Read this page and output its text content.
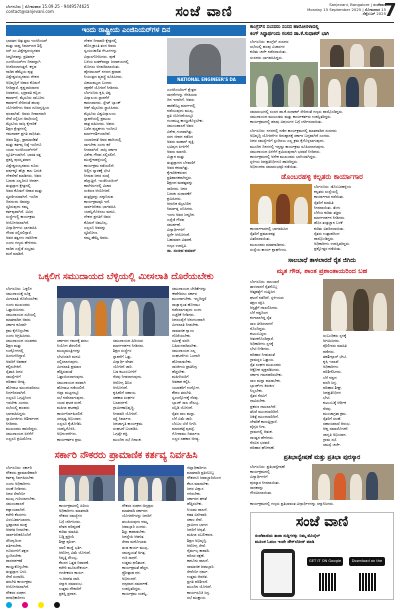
ಬೆಂಗಳೂರು | ಸೋಮವಾರ 15.09.25 - 9449574625
contact@sanjevani.com	ಸಂಜೆ ವಾಣಿ	Sanjevani, Bangalore | ಸಂಜೆವಾಣಿ
Monday 15 September 2025 | ಸೋಮವಾರ 15 ಸೆಪ್ಟೆಂಬರ್ 2025
7
ಇಂದು ರಾಷ್ಟ್ರೀಯ ಎಂಜಿನಿಯರ್‌ಗಳ ದಿನ

ಭಾರತದ ಅತ್ಯುತ್ತಮ ಇಂಜಿನಿಯರ್

ಮತ್ತು ರಾಷ್ಟ್ರ ನಿರ್ಮಾಣದ ಶಿಲ್ಪಿ

ಸರ್ ಎಂ.ವಿಶ್ವೇಶ್ವರಯ್ಯನವರ

ಜನ್ಮದಿನವನ್ನು ಪ್ರತಿವರ್ಷ

ಎಂಜಿನಿಯರ್‌ಗಳ ದಿನವನ್ನಾಗಿ

ಆಚರಿಸಲಾಗುತ್ತದೆ. ಕನ್ನಡ

ನಾಡಿನ ಹೆಮ್ಮೆಯ ಪುತ್ರ

ವಿಶ್ವೇಶ್ವರಯ್ಯನವರು ದೇಶದ

ಅಭಿವೃದ್ಧಿಗೆ ಅಪಾರ ಕೊಡುಗೆ

ನೀಡಿದ್ದಾರೆ. ಕೃಷ್ಣರಾಜಸಾಗರ

ಜಲಾಶಯ, ಭದ್ರಾವತಿ ಕಬ್ಬಿಣ

ಕಾರ್ಖಾನೆ, ಮೈಸೂರು ಸಾಬೂನು

ಕಾರ್ಖಾನೆ ಸೇರಿದಂತೆ ಹಲವು

ಯೋಜನೆಗಳು ಅವರ ದೂರದೃಷ್ಟಿಯ

ಫಲವಾಗಿವೆ. ಅವರು ದೀವಾನರಾಗಿ

ಸೇವೆ ಸಲ್ಲಿಸಿದ ಅವಧಿಯಲ್ಲಿ

ಮೈಸೂರು ರಾಜ್ಯ ಕೈಗಾರಿಕೆ

ಶಿಕ್ಷಣ ಕ್ಷೇತ್ರಗಳಲ್ಲಿ

ಗಮನಾರ್ಹ ಪ್ರಗತಿ ಸಾಧಿಸಿತು.

ಅವರ ಶಿಸ್ತು, ಪ್ರಾಮಾಣಿಕತೆ

ಮತ್ತು ಕರ್ತವ್ಯ ನಿಷ್ಠೆ ಇಂದಿಗೂ

ಯುವ ಇಂಜಿನಿಯರ್‌ಗಳಿಗೆ

ಸ್ಫೂರ್ತಿಯಾಗಿದೆ. ಭಾರತ ರತ್ನ

ಪ್ರಶಸ್ತಿ ಪುರಸ್ಕೃತರಾದ

ವಿಶ್ವೇಶ್ವರಯ್ಯನವರು ನೂರು

ವರ್ಷಕ್ಕೂ ಹೆಚ್ಚು ಕಾಲ ಬದುಕಿ

ದೇಶಸೇವೆ ಮಾಡಿದರು. ಅವರ

ಬದುಕು ಎಲ್ಲರಿಗೂ ಆದರ್ಶ.

ತಂತ್ರಜ್ಞಾನ ಕ್ಷೇತ್ರದಲ್ಲಿ

ಅವರ ಕೊಡುಗೆ ಅಪಾರ ಮತ್ತು

ಸ್ಮರಣೀಯವಾಗಿದೆ. ಇಂದಿನ

ದಿನದಂದು ಅವರನ್ನು

ಸ್ಮರಿಸುವುದು ನಮ್ಮ

ಕರ್ತವ್ಯವಾಗಿದೆ. ವಿವಿಧ

ಸಂಸ್ಥೆಗಳಲ್ಲಿ ಕಾರ್ಯಕ್ರಮ

ಆಯೋಜಿಸಲಾಗಿದೆ.

ವಿದ್ಯಾರ್ಥಿಗಳು ಭಾಗವಹಿಸಿ

ಗೌರವ ಸಲ್ಲಿಸಲಿದ್ದಾರೆ.

ಅವರ ತತ್ವಗಳು ದಾರಿದೀಪ

ಎಂದು ಗಣ್ಯರು ಹೇಳಿದರು.

ನಾಡಿನ ಎಲ್ಲೆಡೆ ಸಂಭ್ರಮ

ಮನೆ ಮಾಡಿದೆ.

ದೇಶದ ನೀರಾವರಿ ಕ್ಷೇತ್ರದಲ್ಲಿ

ಹೊಸ ಕ್ರಾಂತಿ ತಂದ ಅವರು

ಸ್ವಯಂಚಾಲಿತ ಗೇಟುಗಳನ್ನು

ವಿನ್ಯಾಸಗೊಳಿಸಿದರು. ಪುಣೆ

ಬಳಿಯ ಖಡಕ್‌ವಾಸ್ಲಾ ಜಲಾಶಯದಲ್ಲಿ

ಮೊದಲು ಅಳವಡಿಸಲಾಯಿತು.

ಹೈದರಾಬಾದ್ ನಗರದ ಪ್ರವಾಹ

ನಿಯಂತ್ರಣ ವ್ಯವಸ್ಥೆ ರೂಪಿಸಿದರು.

ವಿಶಾಖಪಟ್ಟಣ ಬಂದರು

ರಕ್ಷಣೆಗೆ ಯೋಜನೆ ನೀಡಿದರು.

ಬೆಂಗಳೂರು ಕೃಷಿ ವಿಶ್ವ

ವಿದ್ಯಾಲಯ ಸ್ಥಾಪನೆಗೆ

ಕಾರಣರಾದರು. ಸ್ಟೇಟ್ ಬ್ಯಾಂಕ್

ಆಫ್ ಮೈಸೂರು ಸ್ಥಾಪಿಸಿದರು.

ಮೈಸೂರು ವಿಶ್ವವಿದ್ಯಾಲಯ

ಸ್ಥಾಪನೆಯಲ್ಲಿ ಪ್ರಮುಖ

ಪಾತ್ರ ವಹಿಸಿದರು. ಅವರು

ಬರೆದ ಪುಸ್ತಕಗಳು ಇಂದಿಗೂ

ಮಾರ್ಗದರ್ಶಿಯಾಗಿವೆ.

ಯುವಜನತೆ ಅವರ ಹಾದಿಯಲ್ಲಿ

ಸಾಗಬೇಕು ಎಂದು ಕರೆ

ನೀಡಲಾಗಿದೆ. ರಾಜ್ಯ ಸರ್ಕಾರ

ವಿಶೇಷ ಗೌರವ ಸಲ್ಲಿಸಲಿದೆ.

ಮುದ್ದೇನಹಳ್ಳಿಯಲ್ಲಿ

ಕಾರ್ಯಕ್ರಮ ನಡೆಯಲಿದೆ.

ಅಲ್ಲಿನ ಸ್ಮಾರಕಕ್ಕೆ ಭೇಟಿ

ನೀಡುವ ಜನರ ಸಂಖ್ಯೆ

ಹೆಚ್ಚುತ್ತಿದೆ. ಇಂಜಿನಿಯರಿಂಗ್

ಕಾಲೇಜುಗಳಲ್ಲಿ ವಿಚಾರ

ಸಂಕಿರಣ ಆಯೋಜನೆ.

ತಂತ್ರಜ್ಞರನ್ನು ಸನ್ಮಾನಿಸುವ

ಕಾರ್ಯಕ್ರಮವೂ ಇದೆ.

ಸಾರ್ವಜನಿಕರು ಭಾಗವಹಿಸಿ

ಯಶಸ್ವಿಗೊಳಿಸಲು ಮನವಿ.

ದೇಶದ ಪ್ರಗತಿಗೆ ಅವರ

ಕೊಡುಗೆ ಅಮೂಲ್ಯ.

ಎಲ್ಲರೂ ಅವರನ್ನು

ಸ್ಮರಿಸೋಣ.

ನಮ್ಮ ಹೆಮ್ಮೆ ಅವರು.

NATIONAL ENGINEER'S DA

ಎಂಜಿನಿಯರಿಂಗ್ ಕ್ಷೇತ್ರದ

ಸಾಧನೆಗಳನ್ನು ನೆನಪಿಸುವ

ದಿನ ಇದಾಗಿದೆ. ಅವರು

ಹಾಕಿಕೊಟ್ಟ ಮಾರ್ಗದಲ್ಲಿ

ನಡೆಯುವುದು ಮುಖ್ಯ.

ಪ್ರತಿ ಯೋಜನೆಯಲ್ಲೂ

ಗುಣಮಟ್ಟ ಕಾಯ್ದುಕೊಳ್ಳಬೇಕು.

ಸಮಯಪಾಲನೆ ಅವರ

ವಿಶೇಷ ಗುಣವಾಗಿತ್ತು.

ಸರಳ ಜೀವನ ನಡೆಸಿದ

ಅವರು ಮಹಾನ್ ವ್ಯಕ್ತಿ.

ಭವಿಷ್ಯದ ಪೀಳಿಗೆಗೆ

ಅವರು ಮಾದರಿ.

ವಿಜ್ಞಾನ ಮತ್ತು

ತಂತ್ರಜ್ಞಾನದ ಬೆಳವಣಿಗೆ

ಅವರ ಕನಸಾಗಿತ್ತು.

ಕೈಗಾರಿಕೀಕರಣದ

ಪ್ರತಿಪಾದಕರಾಗಿದ್ದರು.

ಶಿಕ್ಷಣದ ಮಹತ್ವವನ್ನು

ಸಾರಿದರು. ಜನರ

ಬದುಕು ಸುಧಾರಣೆಗೆ

ಶ್ರಮಿಸಿದರು.

ಆಧುನಿಕ ಮೈಸೂರಿನ

ನಿರ್ಮಾತೃ ಎನಿಸಿದರು.

ಇಂದು ಅವರ ಜನ್ಮದಿನ.

ಎಲ್ಲೆಡೆ ಗೌರವ

ಸಮರ್ಪಣೆ.

ವಿದ್ಯಾರ್ಥಿಗಳಿಗೆ

ಸ್ಪರ್ಧೆ ಆಯೋಜನೆ.

ಬಹುಮಾನ ವಿತರಣೆ.

ಗಣ್ಯರ ಉಪಸ್ಥಿತಿ.

ಡಾ. ಸಂಜೀವ ಕುಮಾರ್

ಕಾಂಗ್ರೆಸ್‌ನ ಸಂಸದರು ಸಂಸದ ಹಾರೋಬಿಳಾದಲ್ಲಿ
ಕಿಂಗ್ ಸಿದ್ಧಾರ್ಥಂದು ಸಂಸದ ಡಾ.ಕೆ.ಸುಧಾಕರ್ ಭಾಗಿ

ಬೆಂಗಳೂರು: ಕಾಂಗ್ರೆಸ್ ಸಂಸದರ

ಸಭೆಯಲ್ಲಿ ಹಲವು ವಿಚಾರಗಳ

ಕುರಿತು ಚರ್ಚೆ ನಡೆಸಲಾಯಿತು.

ಸಂಸದರು ಭಾಗವಹಿಸಿದ್ದರು.

ಸಮಾರಂಭದಲ್ಲಿ ಸಂಸದ ಡಾ.ಕೆ.ಸುಧಾಕರ್ ಸೇರಿದಂತೆ ಗಣ್ಯರು ಪಾಲ್ಗೊಂಡಿದ್ದರು.

ಸಮುದಾಯದ ಮುಖಂಡರು ಮತ್ತು ಕಾರ್ಯಕರ್ತರು ಉಪಸ್ಥಿತರಿದ್ದರು.

ಕಾರ್ಯಕ್ರಮದಲ್ಲಿ ಹಲವು ವಿಷಯಗಳ ಬಗ್ಗೆ ಚರ್ಚಿಸಲಾಯಿತು.

ಬೆಂಗಳೂರು: ನಗರದಲ್ಲಿ ನಡೆದ ಕಾರ್ಯಕ್ರಮದಲ್ಲಿ ಮಾತನಾಡಿದ ಸಂಸದರು

ಅಭಿವೃದ್ಧಿ ಯೋಜನೆಗಳ ಅನುಷ್ಠಾನಕ್ಕೆ ಸರ್ಕಾರ ಬದ್ಧವಾಗಿದೆ ಎಂದರು.

ಜನರ ಸಮಸ್ಯೆಗಳಿಗೆ ಸ್ಪಂದಿಸಲು ಎಲ್ಲ ಕ್ರಮ ಕೈಗೊಳ್ಳಲಾಗುವುದು.

ಮುಂದಿನ ದಿನಗಳಲ್ಲಿ ಇನ್ನಷ್ಟು ಕಾರ್ಯಕ್ರಮ ರೂಪಿಸಲಾಗುವುದು.

ಸಮುದಾಯದ ಏಳಿಗೆಗೆ ಶ್ರಮಿಸುವುದಾಗಿ ಭರವಸೆ ನೀಡಿದರು.

ಕಾರ್ಯಕ್ರಮದಲ್ಲಿ ಅನೇಕ ಮುಖಂಡರು ಭಾಗಿಯಾಗಿದ್ದರು.

ಸ್ಥಳೀಯ ಜನಪ್ರತಿನಿಧಿಗಳೂ ಹಾಜರಿದ್ದರು.

ಅಭಿನಂದನಾ ಸಮಾರಂಭವೂ ನಡೆಯಿತು.

ಡೊಂಬರಹಳ್ಳಿ ಕಲ್ಪತರು ಕಾರ್ಯಾಗಾರ

ಬೆಂಗಳೂರು: ಡೊಂಬರಹಳ್ಳಿಯ

ಕಲ್ಪತರು ಸಂಸ್ಥೆಯಲ್ಲಿ

ಕಾರ್ಯಾಗಾರ ನಡೆಯಿತು.

ರೈತರಿಗೆ ಮಾಹಿತಿ

ನೀಡಲಾಯಿತು. ತೆಂಗು

ಬೆಳೆಯ ಕುರಿತು ತಜ್ಞರು

ಮಾರ್ಗದರ್ಶನ ನೀಡಿದರು.

ಹೊಸ ತಂತ್ರಜ್ಞಾನ ಬಳಕೆ

ಕುರಿತು ವಿವರಿಸಲಾಯಿತು.

ರೈತರು ಉತ್ಸಾಹದಿಂದ

ಪಾಲ್ಗೊಂಡಿದ್ದರು.

ಅಧಿಕಾರಿಗಳು ಉಪಸ್ಥಿತರಿದ್ದರು.

ಪ್ರಶ್ನೋತ್ತರ ನಡೆಯಿತು.

ಕಾರ್ಯಾಗಾರದಲ್ಲಿ ಭಾಗವಹಿಸಿದ

ರೈತರಿಗೆ ಪ್ರಮಾಣಪತ್ರ

ವಿತರಿಸಲಾಯಿತು.

ಮುಖಂಡರು ಮಾತನಾಡಿದರು.

ಸಂಸ್ಥೆಯ ಕಾರ್ಯ ಶ್ಲಾಘನೀಯ.

ಒಕ್ಕಲಿಗ ಸಮುದಾಯದ ಬೆಳ್ಳಿಯಲ್ಲಿ ಮೀಸಲಾತಿ ದೊರೆಯಬೇಕು

ಬೆಂಗಳೂರು: ಒಕ್ಕಲಿಗ

ಸಮುದಾಯಕ್ಕೆ ಸೂಕ್ತ

ಮೀಸಲಾತಿ ದೊರೆಯಬೇಕು

ಎಂದು ಮುಖಂಡರು

ಒತ್ತಾಯಿಸಿದರು.

ಸಮುದಾಯದ ಸಭೆಯಲ್ಲಿ

ಮಾತನಾಡಿದ ಅವರು

ಸರ್ಕಾರ ಕೂಡಲೇ

ಕ್ರಮ ಕೈಗೊಳ್ಳಬೇಕು

ಎಂದು ಆಗ್ರಹಿಸಿದರು.

ಸಮುದಾಯದ ಯುವಕರು

ಶಿಕ್ಷಣ ಮತ್ತು

ಉದ್ಯೋಗದಲ್ಲಿ

ಹಿಂದುಳಿದಿದ್ದಾರೆ.

ಅವರಿಗೆ ಅವಕಾಶ

ಕಲ್ಪಿಸಬೇಕಿದೆ.

ರೈತಾಪಿ ಜನರ

ಸಮಸ್ಯೆಗಳಿಗೆ

ಪರಿಹಾರ ಅಗತ್ಯ.

ಹೋರಾಟ ಮುಂದುವರಿಸಲು

ನಿರ್ಧರಿಸಲಾಗಿದೆ.

ಎಲ್ಲರೂ ಒಗ್ಗಟ್ಟಿನಿಂದ

ಇರಬೇಕು ಎಂದರು.

ಸಭೆಯಲ್ಲಿ ಹಲವರು

ಭಾಗವಹಿಸಿದ್ದರು.

ಸ್ವಾಮೀಜಿಗಳು ಆಶೀರ್ವಚನ

ನೀಡಿದರು.

ಮುಖಂಡರು ಹಾಜರಿದ್ದರು.

ಸಮುದಾಯದ ಏಳಿಗೆಗೆ

ಎಲ್ಲರೂ ಶ್ರಮಿಸೋಣ.

ಸರ್ಕಾರದ ಗಮನಕ್ಕೆ ತರಲು

ನಿಯೋಗ ತೆರಳಲಿದೆ.

ಮುಖ್ಯಮಂತ್ರಿಗಳನ್ನು

ಭೇಟಿಯಾಗಿ ಮನವಿ

ಸಲ್ಲಿಸಲಾಗುವುದು.

ಮೀಸಲಾತಿ ಪ್ರಮಾಣ

ಹೆಚ್ಚಿಸುವಂತೆ

ಒತ್ತಾಯಿಸಲಾಗುವುದು.

ಸಮುದಾಯದ ಪರವಾಗಿ

ಹೋರಾಟ ನಡೆಯಲಿದೆ.

ಜಿಲ್ಲಾ ಮಟ್ಟದಲ್ಲೂ

ಸಭೆ ನಡೆಸಲಾಗುವುದು.

ಯುವ ಘಟಕ ರಚನೆ.

ಮಹಿಳಾ ಘಟಕವೂ

ಕಾರ್ಯನಿರ್ವಹಿಸಲಿದೆ.

ಸದಸ್ಯತ್ವ ಅಭಿಯಾನ.

ಎಲ್ಲರೂ ಕೈಜೋಡಿಸಿ.

ಯಶಸ್ವಿಗೊಳಿಸಿ.

ಅಭಿನಂದನೆಗಳು.

ಕಾರ್ಯಕರ್ತರ ಶ್ರಮ.

ಸಮುದಾಯದ ಹಿರಿಯರು

ಮಾರ್ಗದರ್ಶನ ನೀಡಿದರು.

ಶಿಕ್ಷಣ ಸಂಸ್ಥೆಗಳ

ಸ್ಥಾಪನೆಗೆ ಒತ್ತು.

ವಿದ್ಯಾರ್ಥಿ ವೇತನ

ಯೋಜನೆ ಜಾರಿ.

ಬಡ ಕುಟುಂಬಗಳಿಗೆ

ನೆರವು ನೀಡಲಾಗುವುದು.

ಆರೋಗ್ಯ ಶಿಬಿರ

ಆಯೋಜನೆ.

ಕೃಷಿಕರಿಗೆ ಸಹಾಯ.

ಸಹಕಾರ ಸಂಘಗಳ

ಬಲವರ್ಧನೆ.

ಗ್ರಾಮೀಣಾಭಿವೃದ್ಧಿ.

ನೀರಾವರಿ ಯೋಜನೆ.

ರಸ್ತೆ ನಿರ್ಮಾಣ.

ಜನಜಾಗೃತಿ ಕಾರ್ಯಕ್ರಮ.

ಸಂಘಟನೆ ಬಲಪಡಿಸಿ.

ಒಗ್ಗಟ್ಟೇ ಶಕ್ತಿ.

ಮುಂದಿನ ಸಭೆ ದಿನಾಂಕ.

ಸಮುದಾಯದ ಬೇಡಿಕೆಗಳನ್ನು

ಈಡೇರಿಸಲು ಸರ್ಕಾರ

ಮುಂದಾಗಬೇಕು. ಇಲ್ಲದಿದ್ದರೆ

ರಾಜ್ಯಾದ್ಯಂತ ಹೋರಾಟ

ನಡೆಸಲಾಗುವುದು ಎಂದು

ಎಚ್ಚರಿಕೆ ನೀಡಿದರು.

ಜನಸಂಖ್ಯೆಗೆ ಅನುಗುಣವಾಗಿ

ಮೀಸಲಾತಿ ನೀಡಬೇಕು.

ಸಾಮಾಜಿಕ ನ್ಯಾಯ

ದೊರೆಯಬೇಕು.

ಸಮೀಕ್ಷೆ ವರದಿ

ಬಹಿರಂಗಪಡಿಸಬೇಕು.

ಸಮುದಾಯದ ಎಲ್ಲ

ಸಂಘಟನೆಗಳು ಒಂದಾಗಿ

ಹೋರಾಡಬೇಕು.

ರಾಜಕೀಯ ಪ್ರಾತಿನಿಧ್ಯ

ಹೆಚ್ಚಬೇಕು.

ಮಹಿಳೆಯರಿಗೆ

ಅವಕಾಶ ಕಲ್ಪಿಸಿ.

ಯುವಕರಿಗೆ ಉದ್ಯೋಗ.

ಕೌಶಲ ತರಬೇತಿ.

ಸ್ವಉದ್ಯೋಗಕ್ಕೆ ನೆರವು.

ಬ್ಯಾಂಕ್ ಸಾಲ ಸೌಲಭ್ಯ.

ಸಬ್ಸಿಡಿ ಯೋಜನೆ.

ರೈತರ ಸಾಲ ಮನ್ನಾ.

ಬೆಳೆ ವಿಮೆ ಜಾರಿ.

ಬೆಂಬಲ ಬೆಲೆ ನಿಗದಿ.

ಮಾರುಕಟ್ಟೆ ವ್ಯವಸ್ಥೆ.

ಗೋದಾಮು ನಿರ್ಮಾಣ.

ಎಲ್ಲರ ಸಹಕಾರ ಅಗತ್ಯ.

ಸಾಲಬಾಧೆ ತಾಳಲಾರದೆ ರೈತ ಜಿಗಿದು
ಮೃತ ಗೌಡ, ಶಾಂತ ಪ್ರಶಾಂತಾಯರಿಂದ ಬಹ

ಬೆಂಗಳೂರು: ಸಾಲಬಾಧೆ

ತಾಳಲಾರದೆ ರೈತನೊಬ್ಬ

ಆತ್ಮಹತ್ಯೆಗೆ ಯತ್ನಿಸಿದ

ಘಟನೆ ನಡೆದಿದೆ. ಸ್ಥಳೀಯರು

ತಕ್ಷಣ ರಕ್ಷಿಸಿ

ಆಸ್ಪತ್ರೆಗೆ ದಾಖಲಿಸಿದರು.

ಬೆಳೆ ನಷ್ಟದಿಂದ

ಕಂಗಾಲಾಗಿದ್ದ ರೈತ

ಸಾಲ ತೀರಿಸಲಾಗದೆ

ನೊಂದಿದ್ದರು.

ಕುಟುಂಬಸ್ಥರು

ಆತಂಕಗೊಂಡಿದ್ದಾರೆ.

ಅಧಿಕಾರಿಗಳು ಸ್ಥಳಕ್ಕೆ

ಭೇಟಿ ನೀಡಿದರು.

ಪರಿಹಾರ ನೀಡುವಂತೆ

ಗ್ರಾಮಸ್ಥರ ಒತ್ತಾಯ.

ರೈತ ಸಂಘದ ಮುಖಂಡರು

ಆಕ್ರೋಶ ವ್ಯಕ್ತಪಡಿಸಿದರು.

ಸರ್ಕಾರ ಗಮನಹರಿಸಬೇಕು.

ಸಾಲ ಮನ್ನಾ ಮಾಡಬೇಕು.

ಬ್ಯಾಂಕ್‌ಗಳ ಕಿರುಕುಳ

ನಿಲ್ಲಬೇಕು.

ರೈತರ ನೆರವಿಗೆ

ಧಾವಿಸಬೇಕು.

ಪ್ರಕರಣ ದಾಖಲಾಗಿದೆ.

ತನಿಖೆ ಮುಂದುವರಿದಿದೆ.

ಚಿಕಿತ್ಸೆ ಮುಂದುವರಿದಿದೆ.

ಚೇತರಿಕೆ ಕಾಣುತ್ತಿದ್ದಾರೆ.

ವೈದ್ಯರ ನಿಗಾ.

ಗ್ರಾಮದಲ್ಲಿ ಆತಂಕ.

ಸಾಂತ್ವನ ಹೇಳಿದರು.

ನೆರವಿನ ಭರವಸೆ.

ಪರಿಹಾರ ಘೋಷಣೆ.

ಸಂಬಂಧಿಕರು ಸ್ಥಳಕ್ಕೆ

ಆಗಮಿಸಿದರು.

ಪೊಲೀಸರು ಮಾಹಿತಿ

ಪಡೆದರು.

ತಹಶೀಲ್ದಾರ್ ಭೇಟಿ.

ಕೃಷಿ ಇಲಾಖೆ

ಅಧಿಕಾರಿಗಳು

ಪರಿಶೀಲಿಸಿದರು.

ಬೆಳೆ ನಷ್ಟದ

ವರದಿ ಸಿದ್ಧ.

ಪರಿಹಾರ ಶೀಘ್ರ.

ಜನಪ್ರತಿನಿಧಿಗಳ

ಭೇಟಿ.

ಕುಟುಂಬಕ್ಕೆ ಆರ್ಥಿಕ

ನೆರವು.

ಮುಂಜಾಗ್ರತಾ ಕ್ರಮ.

ರೈತರಿಗೆ ಸಲಹೆ.

ಸಹಾಯವಾಣಿ ಆರಂಭ.

ಆಪ್ತ ಸಮಾಲೋಚನೆ.

ಜಾಗೃತಿ ಅಭಿಯಾನ.

ಗ್ರಾಮ ಸಭೆ.

ಸಮಸ್ಯೆ ಚರ್ಚೆ.

ಸರ್ಕಾರಿ ನೌಕರರು ಪ್ರಾಮಾಣಿಕ ಕರ್ತವ್ಯ ನಿರ್ವಹಿಸಿ

ಬೆಂಗಳೂರು: ಸರ್ಕಾರಿ

ನೌಕರರು ಪ್ರಾಮಾಣಿಕವಾಗಿ

ಕರ್ತವ್ಯ ನಿರ್ವಹಿಸಬೇಕು

ಎಂದು ಅಧಿಕಾರಿಗಳು

ಸಲಹೆ ನೀಡಿದರು.

ಜನರ ಸೇವೆಯೇ

ಮುಖ್ಯ ಗುರಿಯಾಗಬೇಕು.

ಸಮಯಪಾಲನೆ

ಕಡ್ಡಾಯವಾಗಿದೆ.

ಕಚೇರಿ ಕೆಲಸಗಳು

ವಿಳಂಬವಾಗಬಾರದು.

ಭ್ರಷ್ಟಾಚಾರ ಮುಕ್ತ

ಆಡಳಿತ ನೀಡಬೇಕು.

ಸಾರ್ವಜನಿಕರೊಂದಿಗೆ

ಸೌಜನ್ಯದಿಂದ

ವರ್ತಿಸಬೇಕು.

ದೂರುಗಳಿಗೆ ತಕ್ಷಣ

ಸ್ಪಂದಿಸಬೇಕು.

ಪಾರದರ್ಶಕತೆ

ಕಾಯ್ದುಕೊಳ್ಳಬೇಕು.

ತಂತ್ರಜ್ಞಾನ ಬಳಸಿ

ಸೇವೆ ಸುಧಾರಿಸಿ.

ತರಬೇತಿ ಕಾರ್ಯಕ್ರಮ

ಆಯೋಜಿಸಲಾಗಿದೆ.

ನೌಕರರ ಸಂಘದ

ಪದಾಧಿಕಾರಿಗಳು

ಕಾರ್ಯಕ್ರಮದಲ್ಲಿ ಹಿರಿಯ

ಅಧಿಕಾರಿಗಳು ಮಾತನಾಡಿ

ನೌಕರರ ಸಮಸ್ಯೆಗಳ

ಬಗ್ಗೆ ಚರ್ಚಿಸಿದರು.

ವೇತನ ಪರಿಷ್ಕರಣೆ

ಕುರಿತು ಮಾಹಿತಿ.

ಬಡ್ತಿ ಪ್ರಕ್ರಿಯೆ

ಶೀಘ್ರ ಪೂರ್ಣ.

ಖಾಲಿ ಹುದ್ದೆ ಭರ್ತಿ.

ಆರೋಗ್ಯ ವಿಮೆ ಯೋಜನೆ.

ನಿವೃತ್ತಿ ಸೌಲಭ್ಯ.

ಕೆಲಸದ ಒತ್ತಡ ನಿವಾರಣೆ.

ಕಚೇರಿ ಮೂಲಸೌಕರ್ಯ.

ಗಣಕೀಕರಣ ಕಾರ್ಯ.

ಇ-ಆಡಳಿತ ಜಾರಿ.

ಸನ್ಮಾನ ಸಮಾರಂಭ.

ಉತ್ತಮ ನೌಕರರಿಗೆ

ಪ್ರಶಸ್ತಿ ಪ್ರದಾನ.

ನೌಕರರ ಸಂಘದ ಅಧ್ಯಕ್ಷರು

ಮಾತನಾಡಿ ಸರ್ಕಾರದ

ಯೋಜನೆಗಳನ್ನು ಜನರಿಗೆ

ತಲುಪಿಸುವುದು ನಮ್ಮ

ಜವಾಬ್ದಾರಿ ಎಂದರು.

ಶಿಸ್ತು ಕಾಪಾಡಬೇಕು.

ಜನಸ್ನೇಹಿ ಆಡಳಿತ.

ಸೇವಾ ಮನೋಭಾವ.

ತಂಡ ಕಾರ್ಯ ಮುಖ್ಯ.

ಸಮನ್ವಯತೆ ಅಗತ್ಯ.

ಗುರಿ ಸಾಧನೆ.

ಉತ್ತಮ ಫಲಿತಾಂಶ.

ಕಾರ್ಯಕ್ಷಮತೆ ಹೆಚ್ಚಳ.

ಪ್ರೋತ್ಸಾಹ ಧನ.

ಅಭಿನಂದನೆ.

ಧನ್ಯವಾದ ಸಮರ್ಪಣೆ.

ಉಪಸ್ಥಿತರಿದ್ದರು.

ಕಾರ್ಯಕ್ರಮ ಯಶಸ್ವಿ.

ಜಿಲ್ಲಾಧಿಕಾರಿಗಳು

ಮಾತನಾಡಿ ಪ್ರತಿಯೊಬ್ಬ

ನೌಕರನೂ ಜವಾಬ್ದಾರಿಯಿಂದ

ಕೆಲಸ ಮಾಡಬೇಕು.

ಜನರ ವಿಶ್ವಾಸ

ಗಳಿಸಬೇಕು.

ಸರ್ಕಾರದ ಘನತೆ

ಹೆಚ್ಚಿಸಬೇಕು.

ನಿಯಮ ಪಾಲನೆ.

ಕಡತ ವಿಲೇವಾರಿ.

ಸಕಾಲ ಸೇವೆ.

ಗ್ರಾಮೀಣ ಭಾಗದ

ಜನರಿಗೆ ಆದ್ಯತೆ.

ಮಹಿಳಾ ಸಬಲೀಕರಣ.

ಶಿಕ್ಷಣ ಅಭಿವೃದ್ಧಿ.

ಆರೋಗ್ಯ ಸೇವೆ.

ನೈರ್ಮಲ್ಯ ಕಾಪಾಡಿ.

ಪರಿಸರ ರಕ್ಷಣೆ.

ಕಾನೂನು ಪಾಲನೆ.

ಸಾಮಾಜಿಕ ಜವಾಬ್ದಾರಿ.

ಸೇವೆಯೇ ಧರ್ಮ.

ಉತ್ತಮ ಆಡಳಿತ.

ಪ್ರಗತಿ ಪರಿಶೀಲನೆ.

ಮುಂದಿನ ಯೋಜನೆ.

ಕಾರ್ಯಸೂಚಿ ಸಿದ್ಧ.

ಸಭೆ ಮುಕ್ತಾಯ.

ಪ್ರತಿಭಾನ್ವೇಷಣೆ ಮತ್ತು ಪ್ರತಿಭಾ ಪುರಸ್ಕಾರ

ಬೆಂಗಳೂರು: ಪ್ರತಿಭಾನ್ವೇಷಣೆ

ಕಾರ್ಯಕ್ರಮದಲ್ಲಿ

ವಿದ್ಯಾರ್ಥಿಗಳಿಗೆ

ಪುರಸ್ಕಾರ ನೀಡಲಾಯಿತು.

ಸಾಧಕರನ್ನು

ಗೌರವಿಸಲಾಯಿತು.

ಕಾರ್ಯಕ್ರಮದಲ್ಲಿ ಗಣ್ಯರು ಪ್ರತಿಭಾವಂತ ವಿದ್ಯಾರ್ಥಿಗಳನ್ನು ಸನ್ಮಾನಿಸಿದರು.

ಸಂಜೆ ವಾಣಿ
ಸಂಜೆವಾಣಿಯ ತಾಜಾ ಸುದ್ದಿಗಳನ್ನು ನಿಮ್ಮ ಮೊಬೈಲ್
ಮೂಲಕ ಓದಲು ಇಂದೇ ಡೌನ್‌ಲೋಡ್ ಮಾಡಿ
GET IT ON Google Play
Download on the App Store
